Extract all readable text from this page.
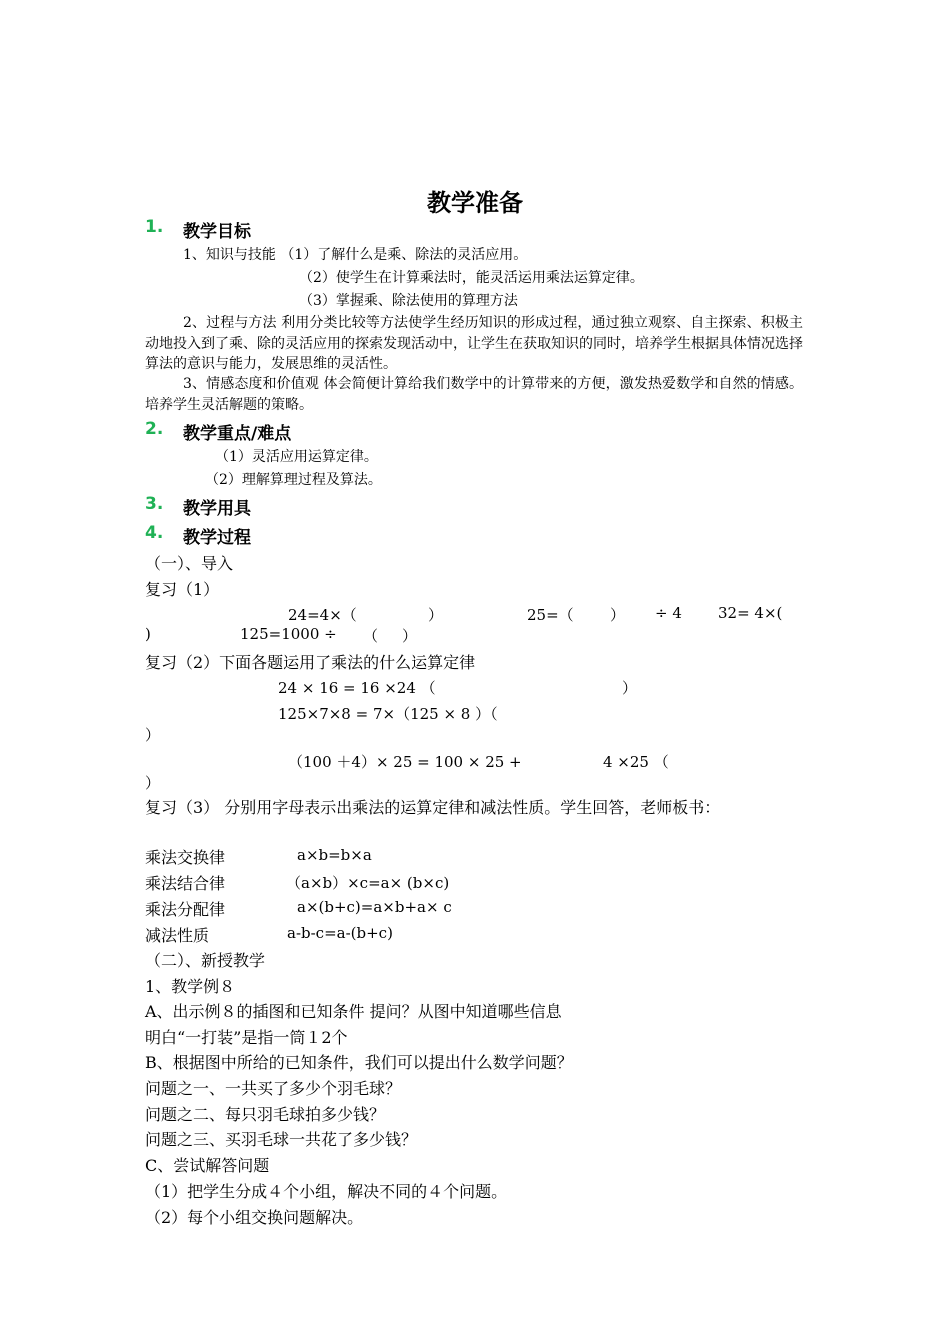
教学准备
1. 教学目标
1、知识与技能 （1）了解什么是乘、除法的灵活应用。
（2）使学生在计算乘法时，能灵活运用乘法运算定律。
（3）掌握乘、除法使用的算理方法
2、过程与方法 利用分类比较等方法使学生经历知识的形成过程，通过独立观察、自主探索、积极主动地投入到了乘、除的灵活应用的探索发现活动中，让学生在获取知识的同时，培养学生根据具体情况选择算法的意识与能力，发展思维的灵活性。
3、情感态度和价值观 体会简便计算给我们数学中的计算带来的方便，激发热爱数学和自然的情感。培养学生灵活解题的策略。
2. 教学重点/难点
（1）灵活应用运算定律。
（2）理解算理过程及算法。
3. 教学用具
4. 教学过程
（一）、导入
复习（1）
24=4×（	）	25=（ ） ÷ 4 32= 4×(
)	125=1000 ÷ （ ）
复习（2）下面各题运用了乘法的什么运算定律
24 × 16 = 16 ×24 （	）
125×7×8 = 7×（125 × 8 ）（
）
（100 ＋4）× 25 = 100 × 25 +	4 ×25 （
）
复习（3） 分别用字母表示出乘法的运算定律和减法性质。学生回答，老师板书：
乘法交换律	a×b=b×a
乘法结合律	（a×b）×c=a× (b×c)
乘法分配律	a×(b+c)=a×b+a× c
减法性质	a-b-c=a-(b+c)
（二）、新授教学
1、教学例８
A、出示例８的插图和已知条件 提问？从图中知道哪些信息
明白“一打装”是指一筒１2个
B、根据图中所给的已知条件，我们可以提出什么数学问题？
问题之一、一共买了多少个羽毛球？
问题之二、每只羽毛球拍多少钱？
问题之三、买羽毛球一共花了多少钱？
C、尝试解答问题
（1）把学生分成４个小组，解决不同的４个问题。
（2）每个小组交换问题解决。
